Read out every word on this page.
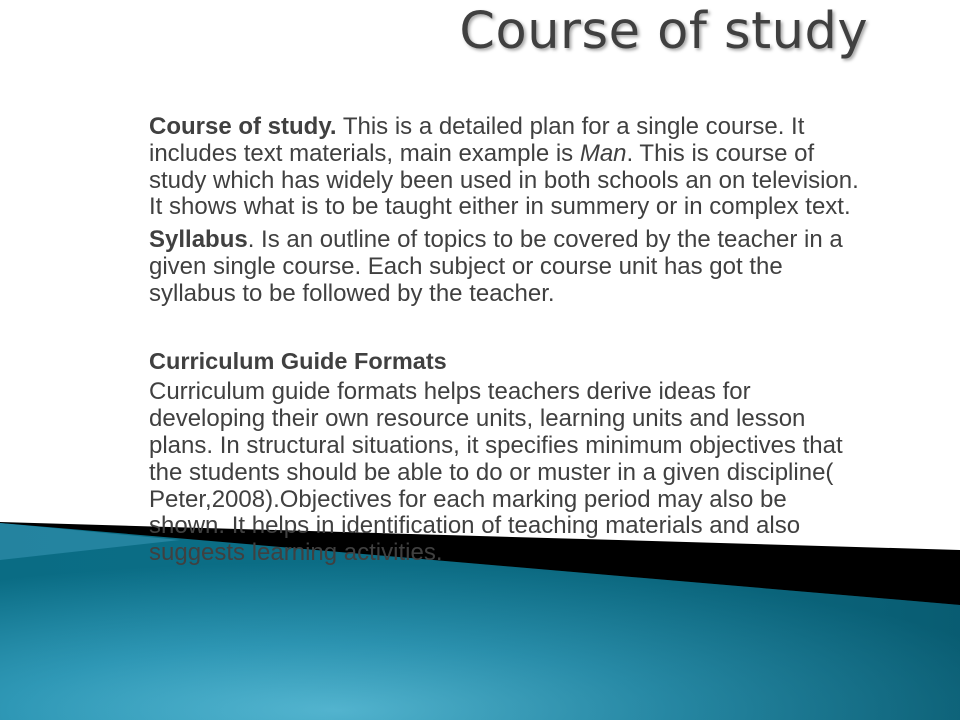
Course of study

Course of study. This is a detailed plan for a single course. It includes text materials, main example is Man. This is course of study which has widely been used in both schools an on television. It shows what is to be taught either in summery or in complex text.

Syllabus. Is an outline of topics to be covered by the teacher in a given single course. Each subject or course unit has got the syllabus to be followed by the teacher.

Curriculum Guide Formats

Curriculum guide formats helps teachers derive ideas for developing their own resource units, learning units and lesson plans. In structural situations, it specifies minimum objectives that the students should be able to do or muster in a given discipline( Peter,2008).Objectives for each marking period may also be shown. It helps in identification of teaching materials and also suggests learning activities.
